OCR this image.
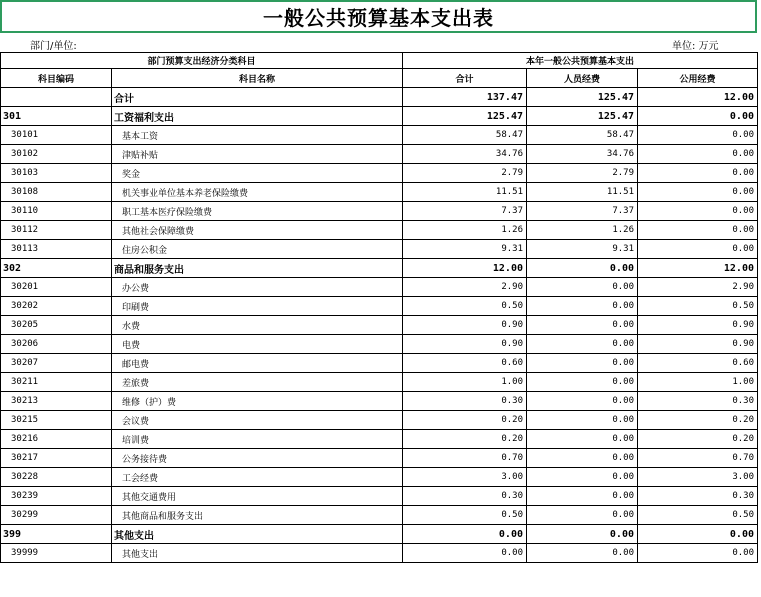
一般公共预算基本支出表
部门/单位:	单位: 万元
部门预算支出经济分类科目		本年一般公共预算基本支出		
科目编码	科目名称	合计	人员经费	公用经费
	合计	137.47	125.47	12.00
301	工资福利支出	125.47	125.47	0.00
30101	基本工资	58.47	58.47	0.00
30102	津贴补贴	34.76	34.76	0.00
30103	奖金	2.79	2.79	0.00
30108	机关事业单位基本养老保险缴费	11.51	11.51	0.00
30110	职工基本医疗保险缴费	7.37	7.37	0.00
30112	其他社会保障缴费	1.26	1.26	0.00
30113	住房公积金	9.31	9.31	0.00
302	商品和服务支出	12.00	0.00	12.00
30201	办公费	2.90	0.00	2.90
30202	印刷费	0.50	0.00	0.50
30205	水费	0.90	0.00	0.90
30206	电费	0.90	0.00	0.90
30207	邮电费	0.60	0.00	0.60
30211	差旅费	1.00	0.00	1.00
30213	维修（护）费	0.30	0.00	0.30
30215	会议费	0.20	0.00	0.20
30216	培训费	0.20	0.00	0.20
30217	公务接待费	0.70	0.00	0.70
30228	工会经费	3.00	0.00	3.00
30239	其他交通费用	0.30	0.00	0.30
30299	其他商品和服务支出	0.50	0.00	0.50
399	其他支出	0.00	0.00	0.00
39999	其他支出	0.00	0.00	0.00
